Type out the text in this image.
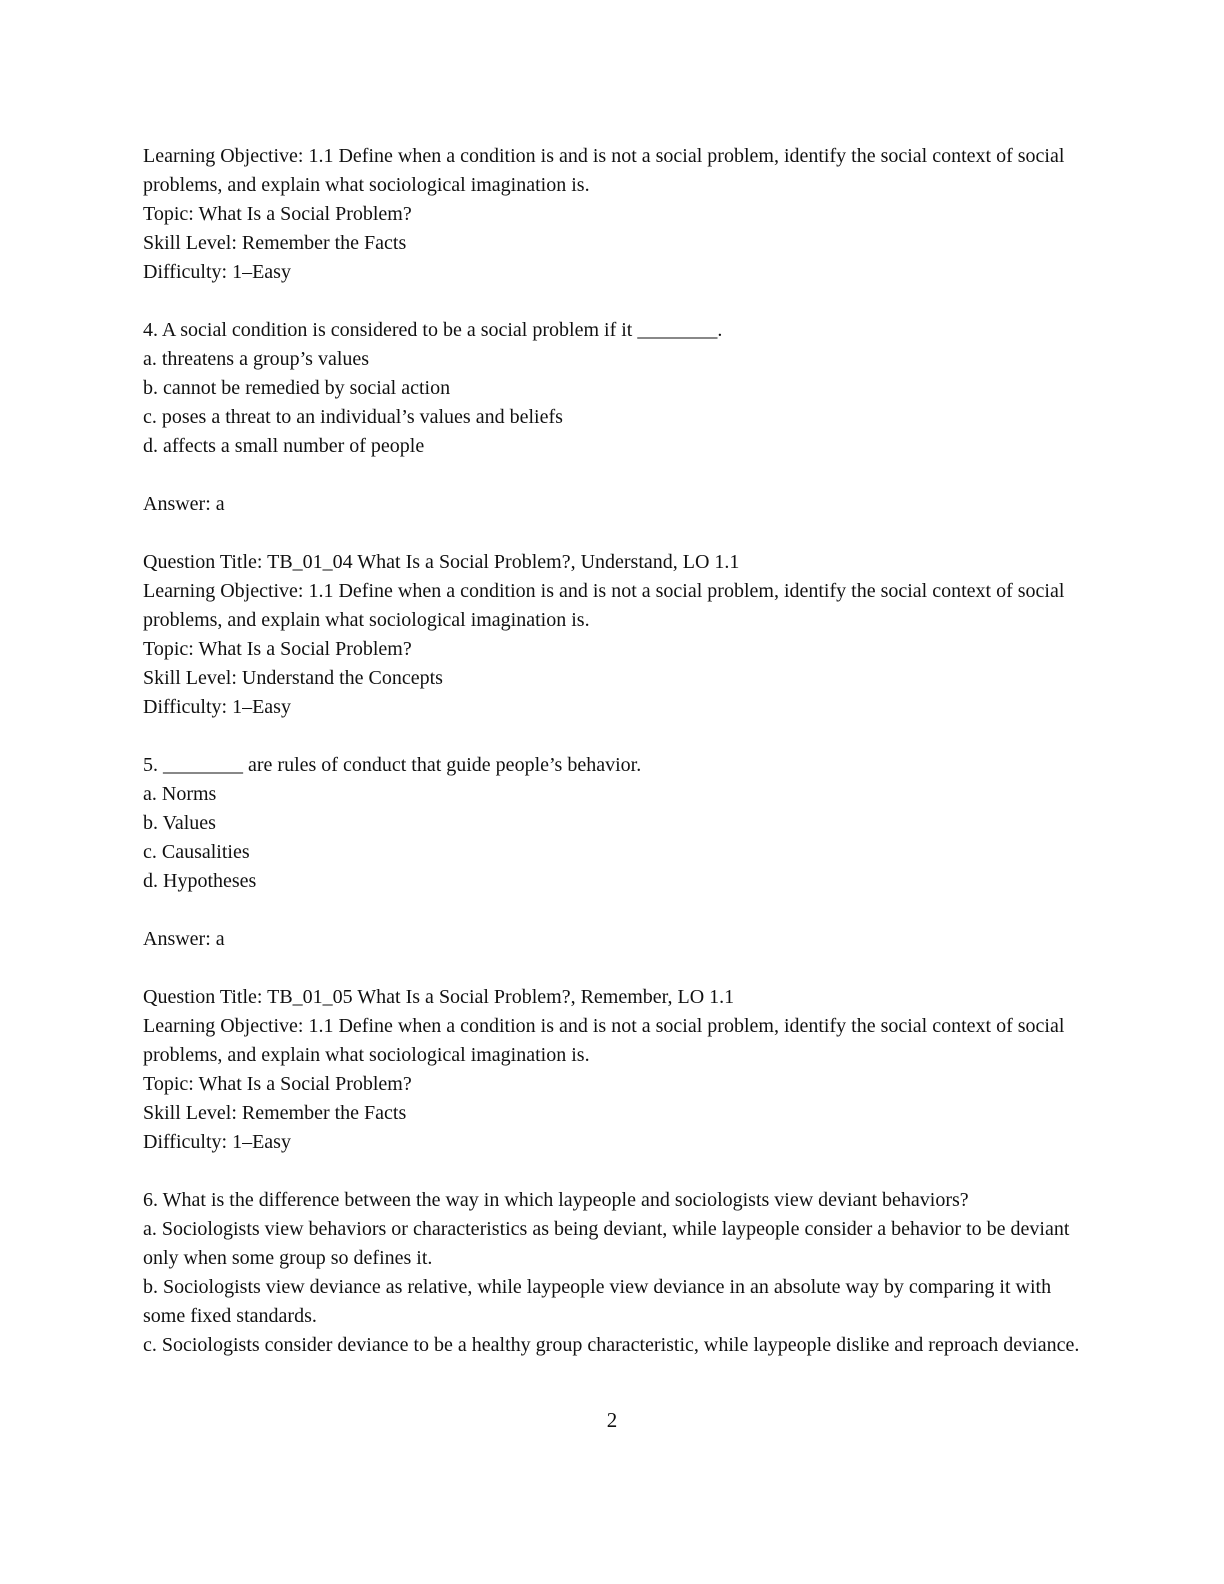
Learning Objective: 1.1 Define when a condition is and is not a social problem, identify the social context of social problems, and explain what sociological imagination is.
Topic: What Is a Social Problem?
Skill Level: Remember the Facts
Difficulty: 1–Easy
4. A social condition is considered to be a social problem if it ________.
a. threatens a group’s values
b. cannot be remedied by social action
c. poses a threat to an individual’s values and beliefs
d. affects a small number of people
Answer: a
Question Title: TB_01_04 What Is a Social Problem?, Understand, LO 1.1
Learning Objective: 1.1 Define when a condition is and is not a social problem, identify the social context of social problems, and explain what sociological imagination is.
Topic: What Is a Social Problem?
Skill Level: Understand the Concepts
Difficulty: 1–Easy
5. ________ are rules of conduct that guide people’s behavior.
a. Norms
b. Values
c. Causalities
d. Hypotheses
Answer: a
Question Title: TB_01_05 What Is a Social Problem?, Remember, LO 1.1
Learning Objective: 1.1 Define when a condition is and is not a social problem, identify the social context of social problems, and explain what sociological imagination is.
Topic: What Is a Social Problem?
Skill Level: Remember the Facts
Difficulty: 1–Easy
6. What is the difference between the way in which laypeople and sociologists view deviant behaviors?
a. Sociologists view behaviors or characteristics as being deviant, while laypeople consider a behavior to be deviant only when some group so defines it.
b. Sociologists view deviance as relative, while laypeople view deviance in an absolute way by comparing it with some fixed standards.
c. Sociologists consider deviance to be a healthy group characteristic, while laypeople dislike and reproach deviance.
2
